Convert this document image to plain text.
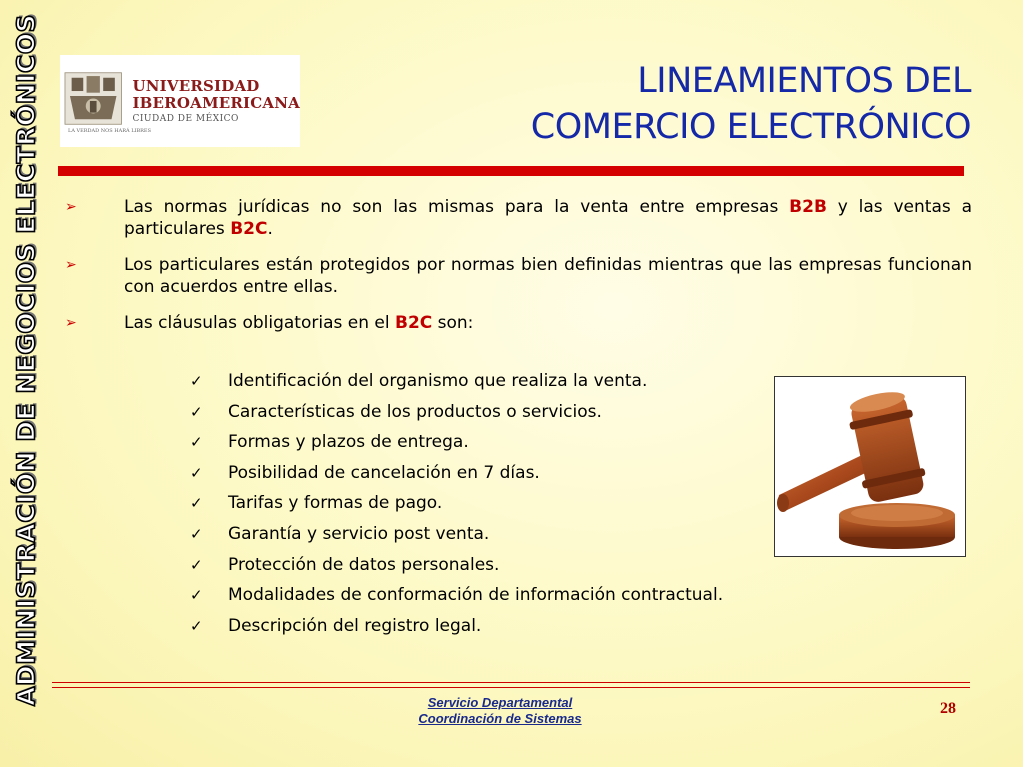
ADMINISTRACIÓN DE NEGOCIOS ELECTRÓNICOS	LA VERDAD NOS HARÁ LIBRES
UNIVERSIDAD
IBEROAMERICANA
CIUDAD DE MÉXICO
LINEAMIENTOS DEL
COMERCIO ELECTRÓNICO
➢	Las normas jurídicas no son las mismas para la venta entre empresas B2B y las ventas a particulares B2C.
➢	Los particulares están protegidos por normas bien definidas mientras que las empresas funcionan con acuerdos entre ellas.
➢	Las cláusulas obligatorias en el B2C son:
✓ Identificación del organismo que realiza la venta.
✓ Características de los productos o servicios.
✓ Formas y plazos de entrega.
✓ Posibilidad de cancelación en 7 días.
✓ Tarifas y formas de pago.
✓ Garantía y servicio post venta.
✓ Protección de datos personales.
✓ Modalidades de conformación de información contractual.
✓ Descripción del registro legal.
Servicio Departamental
Coordinación de Sistemas
28
